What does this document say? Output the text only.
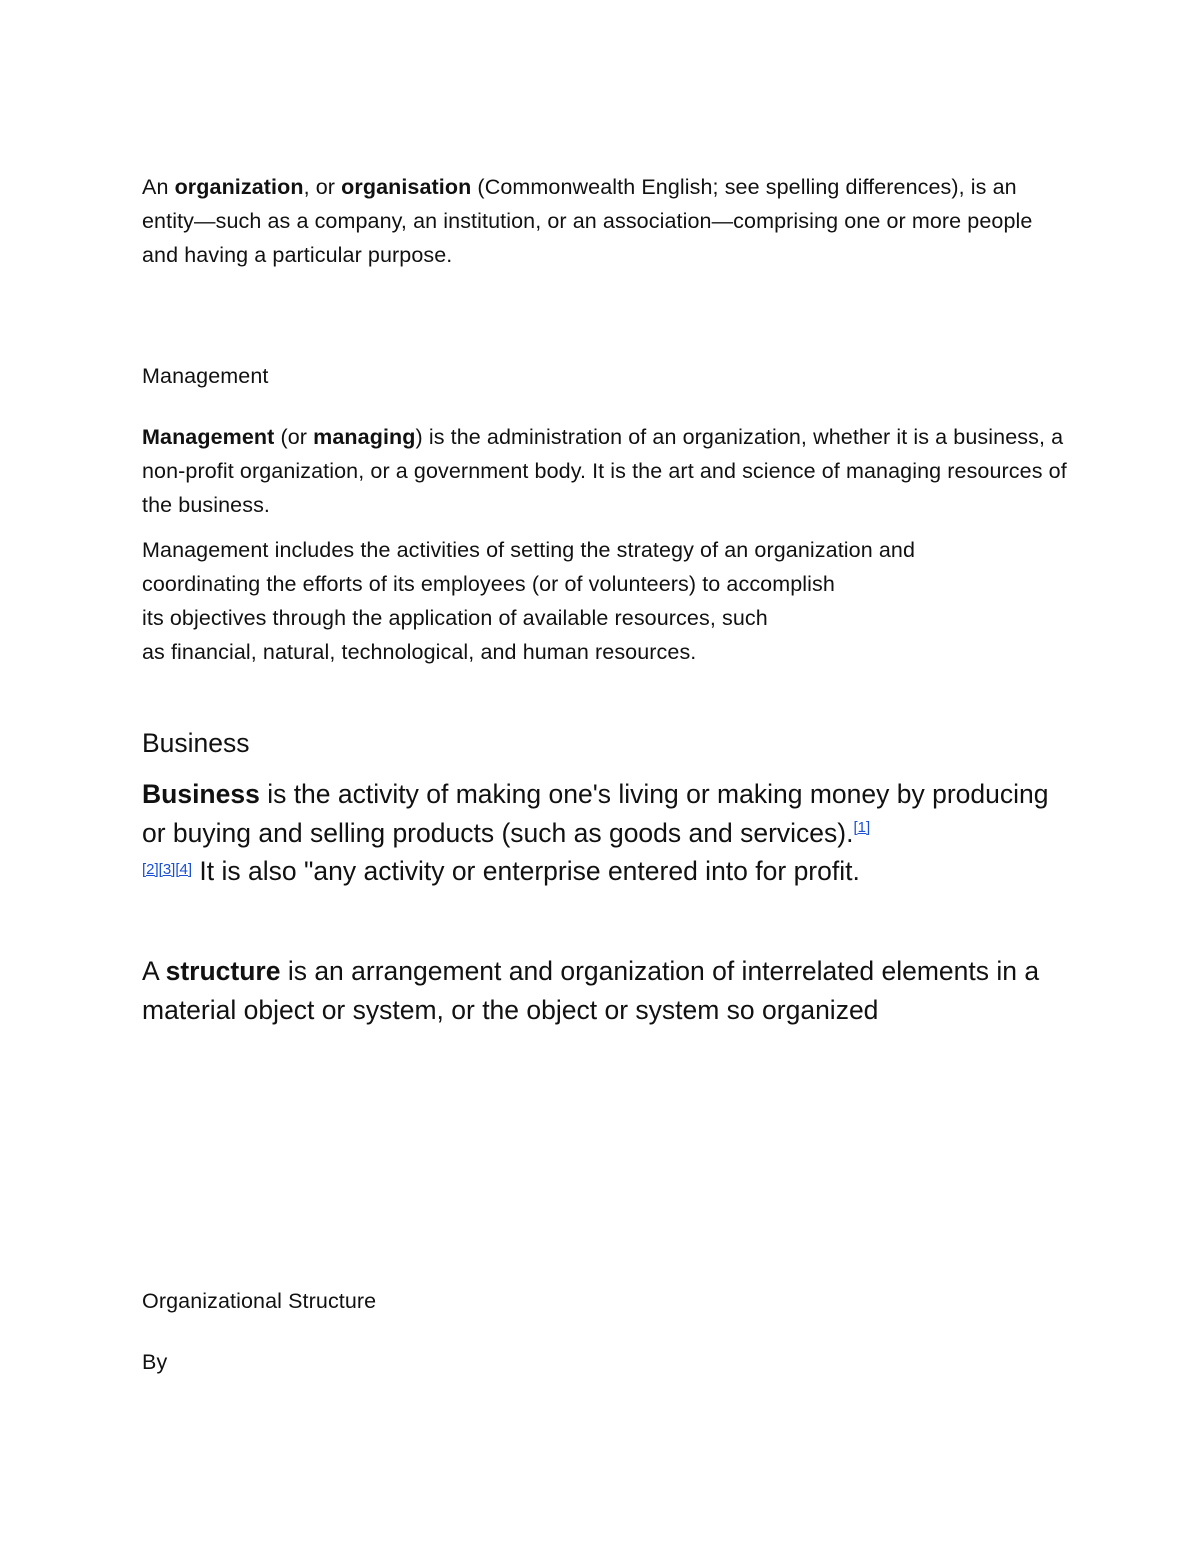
An organization, or organisation (Commonwealth English; see spelling differences), is an entity—such as a company, an institution, or an association—comprising one or more people and having a particular purpose.

Management

Management (or managing) is the administration of an organization, whether it is a business, a non-profit organization, or a government body. It is the art and science of managing resources of the business.

Management includes the activities of setting the strategy of an organization and
coordinating the efforts of its employees (or of volunteers) to accomplish
its objectives through the application of available resources, such
as financial, natural, technological, and human resources.

Business

Business is the activity of making one's living or making money by producing or buying and selling products (such as goods and services).[1]
[2][3][4] It is also "any activity or enterprise entered into for profit.

A structure is an arrangement and organization of interrelated elements in a material object or system, or the object or system so organized

Organizational Structure

By
